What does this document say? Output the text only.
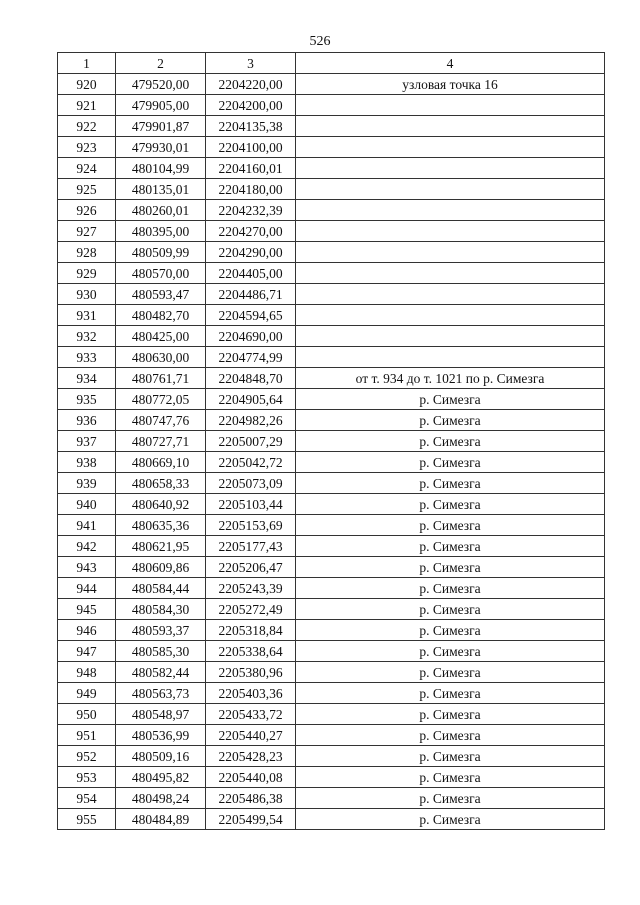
526
1	2	3	4
920	479520,00	2204220,00	узловая точка 16
921	479905,00	2204200,00	
922	479901,87	2204135,38	
923	479930,01	2204100,00	
924	480104,99	2204160,01	
925	480135,01	2204180,00	
926	480260,01	2204232,39	
927	480395,00	2204270,00	
928	480509,99	2204290,00	
929	480570,00	2204405,00	
930	480593,47	2204486,71	
931	480482,70	2204594,65	
932	480425,00	2204690,00	
933	480630,00	2204774,99	
934	480761,71	2204848,70	от т. 934 до т. 1021 по р. Симезга
935	480772,05	2204905,64	р. Симезга
936	480747,76	2204982,26	р. Симезга
937	480727,71	2205007,29	р. Симезга
938	480669,10	2205042,72	р. Симезга
939	480658,33	2205073,09	р. Симезга
940	480640,92	2205103,44	р. Симезга
941	480635,36	2205153,69	р. Симезга
942	480621,95	2205177,43	р. Симезга
943	480609,86	2205206,47	р. Симезга
944	480584,44	2205243,39	р. Симезга
945	480584,30	2205272,49	р. Симезга
946	480593,37	2205318,84	р. Симезга
947	480585,30	2205338,64	р. Симезга
948	480582,44	2205380,96	р. Симезга
949	480563,73	2205403,36	р. Симезга
950	480548,97	2205433,72	р. Симезга
951	480536,99	2205440,27	р. Симезга
952	480509,16	2205428,23	р. Симезга
953	480495,82	2205440,08	р. Симезга
954	480498,24	2205486,38	р. Симезга
955	480484,89	2205499,54	р. Симезга
